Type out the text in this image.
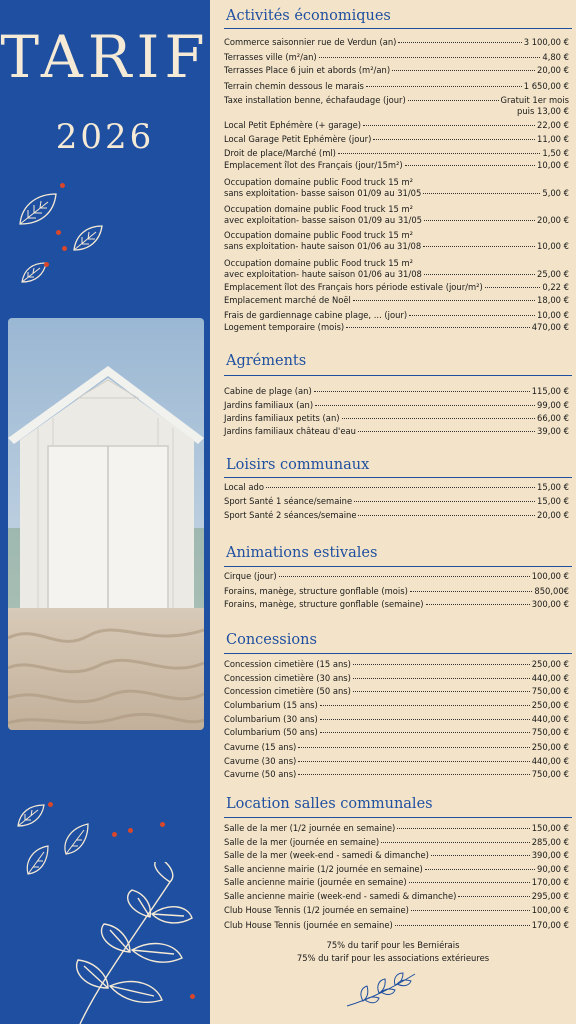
TARIF
2026
Activités économiques
Commerce saisonnier rue de Verdun (an)	3 100,00 €
Terrasses ville (m²/an)	4,80 €
Terrasses Place 6 juin et abords (m²/an)	20,00 €
Terrain chemin dessous le marais	1 650,00 €
Taxe installation benne, échafaudage (jour)	Gratuit 1er mois
puis 13,00 €
Local Petit Ephémère (+ garage)	22,00 €
Local Garage Petit Ephémère (jour)	11,00 €
Droit de place/Marché (ml)	1,50 €
Emplacement îlot des Français (jour/15m²)	10,00 €
Occupation domaine public Food truck 15 m²
sans exploitation- basse saison 01/09 au 31/05	5,00 €
Occupation domaine public Food truck 15 m²
avec exploitation- basse saison 01/09 au 31/05	20,00 €
Occupation domaine public Food truck 15 m²
sans exploitation- haute saison 01/06 au 31/08	10,00 €
Occupation domaine public Food truck 15 m²
avec exploitation- haute saison 01/06 au 31/08	25,00 €
Emplacement îlot des Français hors période estivale (jour/m²)	0,22 €
Emplacement marché de Noël	18,00 €
Frais de gardiennage cabine plage, ... (jour)	10,00 €
Logement temporaire (mois)	470,00 €
Agréments
Cabine de plage (an)	115,00 €
Jardins familiaux (an)	99,00 €
Jardins familiaux petits (an)	66,00 €
Jardins familiaux château d'eau	39,00 €
Loisirs communaux
Local ado	15,00 €
Sport Santé 1 séance/semaine	15,00 €
Sport Santé 2 séances/semaine	20,00 €
Animations estivales
Cirque (jour)	100,00 €
Forains, manège, structure gonflable (mois)	850,00€
Forains, manège, structure gonflable (semaine)	300,00 €
Concessions
Concession cimetière (15 ans)	250,00 €
Concession cimetière (30 ans)	440,00 €
Concession cimetière (50 ans)	750,00 €
Columbarium (15 ans)	250,00 €
Columbarium (30 ans)	440,00 €
Columbarium (50 ans)	750,00 €
Cavurne (15 ans)	250,00 €
Cavurne (30 ans)	440,00 €
Cavurne (50 ans)	750,00 €
Location salles communales
Salle de la mer (1/2 journée en semaine)	150,00 €
Salle de la mer (journée en semaine)	285,00 €
Salle de la mer (week-end - samedi & dimanche)	390,00 €
Salle ancienne mairie (1/2 journée en semaine)	90,00 €
Salle ancienne mairie (journée en semaine)	170,00 €
Salle ancienne mairie (week-end - samedi & dimanche)	295,00 €
Club House Tennis (1/2 journée en semaine)	100,00 €
Club House Tennis (journée en semaine)	170,00 €
75% du tarif pour les Berniérais
75% du tarif pour les associations extérieures
